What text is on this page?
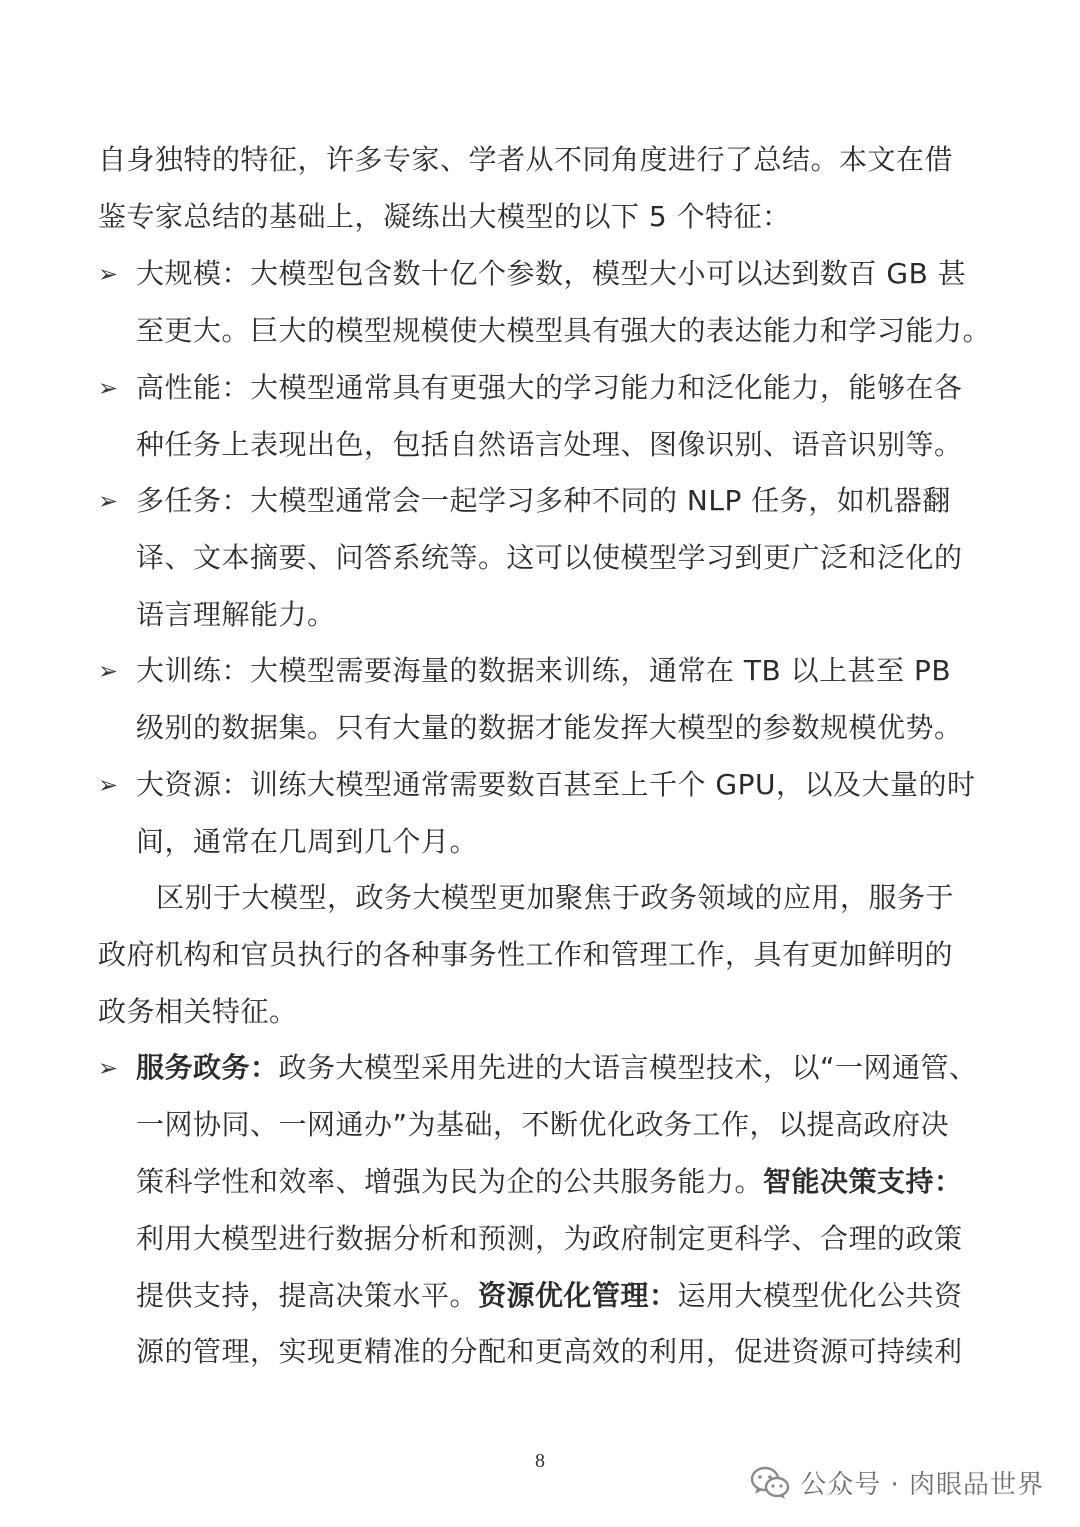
自身独特的特征，许多专家、学者从不同角度进行了总结。本文在借
鉴专家总结的基础上，凝练出大模型的以下 5 个特征：
➢ 大规模：大模型包含数十亿个参数，模型大小可以达到数百 GB 甚
至更大。巨大的模型规模使大模型具有强大的表达能力和学习能力。
➢ 高性能：大模型通常具有更强大的学习能力和泛化能力，能够在各
种任务上表现出色，包括自然语言处理、图像识别、语音识别等。
➢ 多任务：大模型通常会一起学习多种不同的 NLP 任务，如机器翻
译、文本摘要、问答系统等。这可以使模型学习到更广泛和泛化的
语言理解能力。
➢ 大训练：大模型需要海量的数据来训练，通常在 TB 以上甚至 PB
级别的数据集。只有大量的数据才能发挥大模型的参数规模优势。
➢ 大资源：训练大模型通常需要数百甚至上千个 GPU，以及大量的时
间，通常在几周到几个月。
区别于大模型，政务大模型更加聚焦于政务领域的应用，服务于
政府机构和官员执行的各种事务性工作和管理工作，具有更加鲜明的
政务相关特征。
➢ 服务政务：政务大模型采用先进的大语言模型技术，以“一网通管、
一网协同、一网通办”为基础，不断优化政务工作，以提高政府决
策科学性和效率、增强为民为企的公共服务能力。智能决策支持：
利用大模型进行数据分析和预测，为政府制定更科学、合理的政策
提供支持，提高决策水平。资源优化管理：运用大模型优化公共资
源的管理，实现更精准的分配和更高效的利用，促进资源可持续利
8
公众号 · 肉眼品世界
